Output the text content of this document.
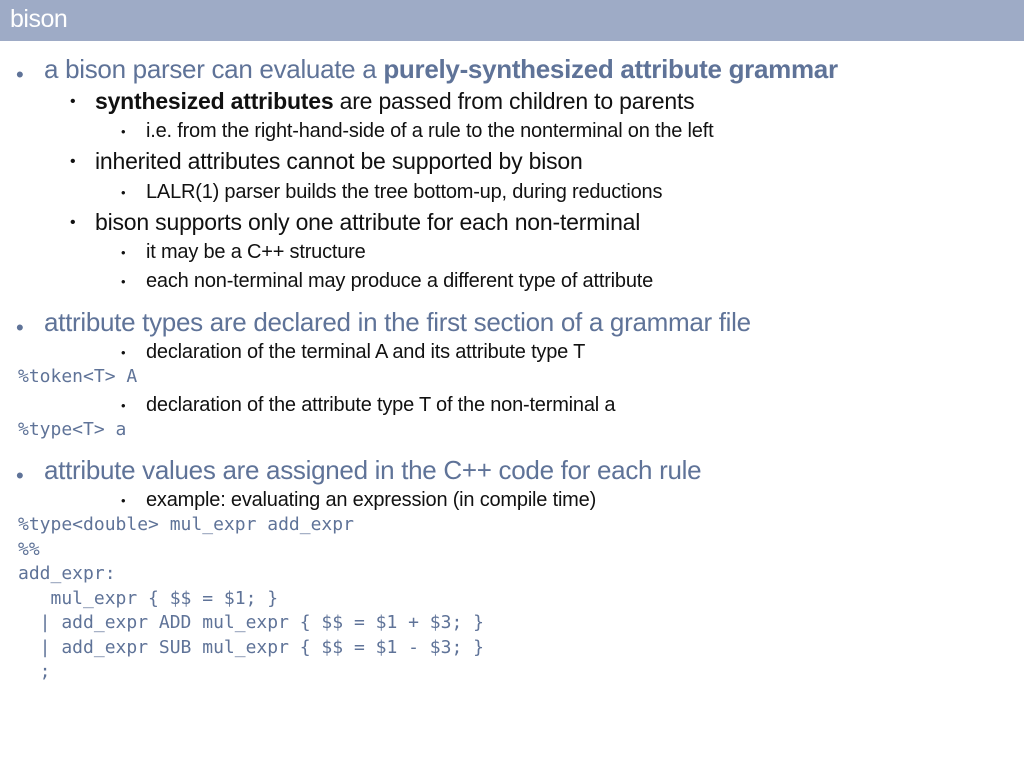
bison
• a bison parser can evaluate a purely-synthesized attribute grammar
• synthesized attributes are passed from children to parents
• i.e. from the right-hand-side of a rule to the nonterminal on the left
• inherited attributes cannot be supported by bison
• LALR(1) parser builds the tree bottom-up, during reductions
• bison supports only one attribute for each non-terminal
• it may be a C++ structure
• each non-terminal may produce a different type of attribute
• attribute types are declared in the first section of a grammar file
• declaration of the terminal A and its attribute type T
%token<T> A
• declaration of the attribute type T of the non-terminal a
%type<T> a
• attribute values are assigned in the C++ code for each rule
• example: evaluating an expression (in compile time)
%type<double> mul_expr add_expr
%%
add_expr:
mul_expr { $$ = $1; }
| add_expr ADD mul_expr { $$ = $1 + $3; }
| add_expr SUB mul_expr { $$ = $1 - $3; }
;
